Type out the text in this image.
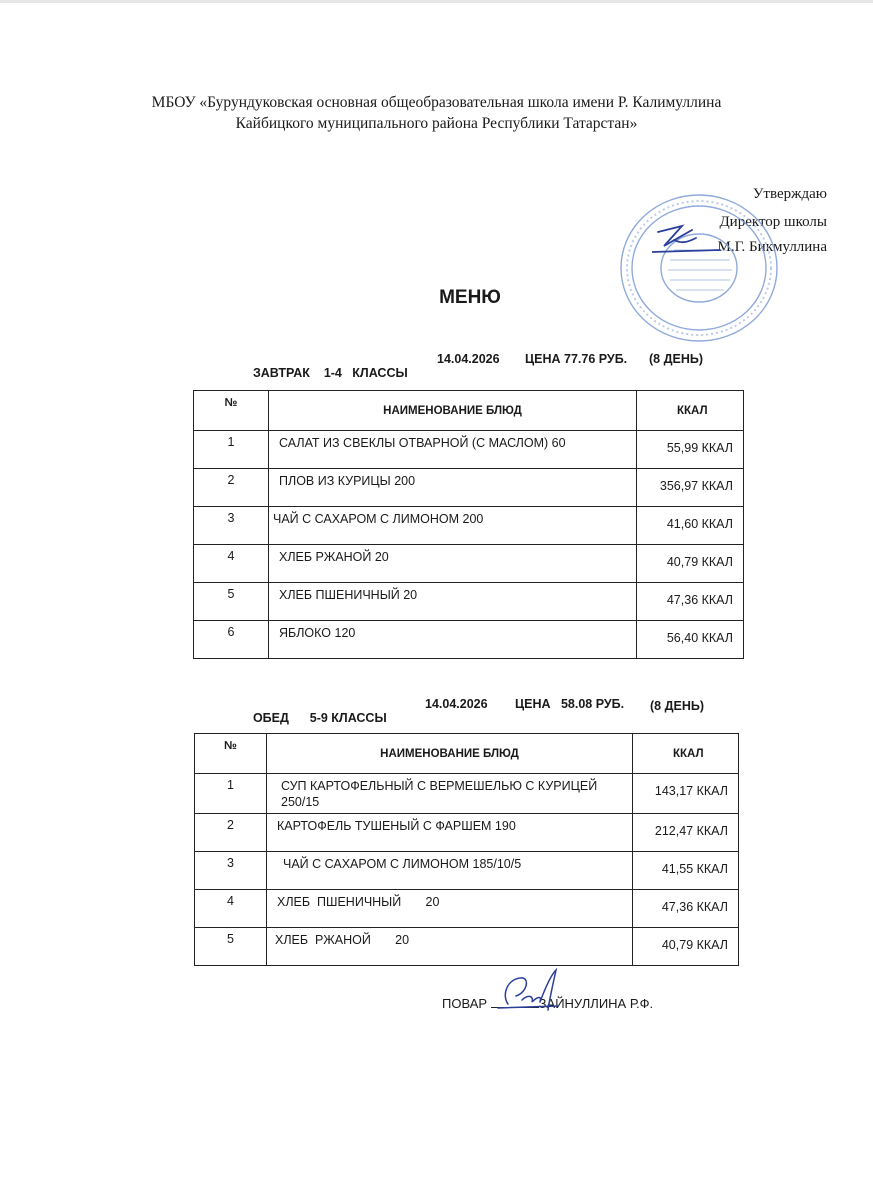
МБОУ «Бурундуковская основная общеобразовательная школа имени Р. Калимуллина
Кайбицкого муниципального района Республики Татарстан»
Утверждаю
Директор школы
М.Г. Бикмуллина
МЕНЮ

ЗАВТРАК 1-4   КЛАССЫ

14.04.2026 ЦЕНА 77.76 РУБ. (8 ДЕНЬ)
№	НАИМЕНОВАНИЕ БЛЮД	ККАЛ
1	САЛАТ ИЗ СВЕКЛЫ ОТВАРНОЙ (С МАСЛОМ) 60	55,99 ККАЛ
2	ПЛОВ ИЗ КУРИЦЫ 200	356,97 ККАЛ
3	ЧАЙ С САХАРОМ С ЛИМОНОМ 200	41,60 ККАЛ
4	ХЛЕБ РЖАНОЙ 20	40,79 ККАЛ
5	ХЛЕБ ПШЕНИЧНЫЙ 20	47,36 ККАЛ
6	ЯБЛОКО 120	56,40 ККАЛ

ОБЕД 5-9 КЛАССЫ

14.04.2026 ЦЕНА   58.08 РУБ. (8 ДЕНЬ)
№	НАИМЕНОВАНИЕ БЛЮД	ККАЛ
1	СУП КАРТОФЕЛЬНЫЙ С ВЕРМЕШЕЛЬЮ С КУРИЦЕЙ 250/15	143,17 ККАЛ
2	КАРТОФЕЛЬ ТУШЕНЫЙ С ФАРШЕМ 190	212,47 ККАЛ
3	ЧАЙ С САХАРОМ С ЛИМОНОМ 185/10/5	41,55 ККАЛ
4	ХЛЕБ  ПШЕНИЧНЫЙ       20	47,36 ККАЛ
5	ХЛЕБ  РЖАНОЙ       20	40,79 ККАЛ
ПОВАР	ЗАЙНУЛЛИНА Р.Ф.
